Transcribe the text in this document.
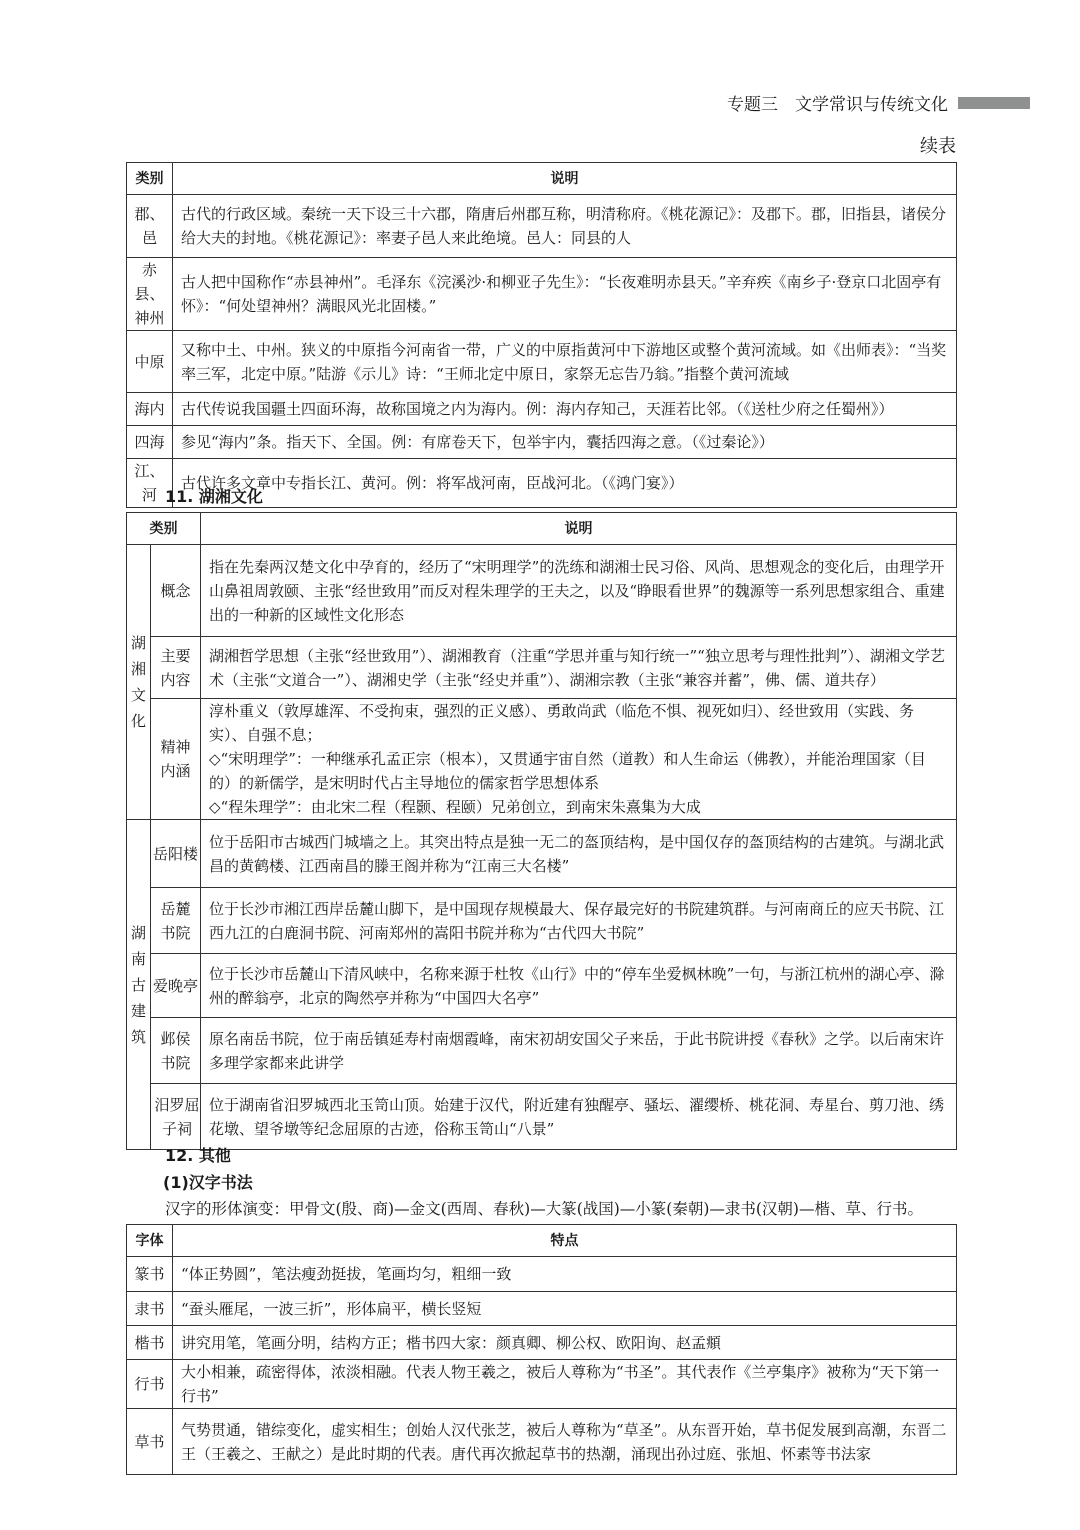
专题三　文学常识与传统文化
续表
类别	说明
郡、邑	古代的行政区域。秦统一天下设三十六郡，隋唐后州郡互称，明清称府。《桃花源记》：及郡下。郡，旧指县，诸侯分给大夫的封地。《桃花源记》：率妻子邑人来此绝境。邑人：同县的人
赤县、神州	古人把中国称作“赤县神州”。毛泽东《浣溪沙·和柳亚子先生》：“长夜难明赤县天。”辛弃疾《南乡子·登京口北固亭有怀》：“何处望神州？满眼风光北固楼。”
中原	又称中土、中州。狭义的中原指今河南省一带，广义的中原指黄河中下游地区或整个黄河流域。如《出师表》：“当奖率三军，北定中原。”陆游《示儿》诗：“王师北定中原日，家祭无忘告乃翁。”指整个黄河流域
海内	古代传说我国疆土四面环海，故称国境之内为海内。例：海内存知己，天涯若比邻。（《送杜少府之任蜀州》）
四海	参见“海内”条。指天下、全国。例：有席卷天下，包举宇内，囊括四海之意。（《过秦论》）
江、河	古代许多文章中专指长江、黄河。例：将军战河南，臣战河北。（《鸿门宴》）
11. 湖湘文化
类别		说明
湖湘文化	概念	指在先秦两汉楚文化中孕育的，经历了“宋明理学”的洗练和湖湘士民习俗、风尚、思想观念的变化后，由理学开山鼻祖周敦颐、主张“经世致用”而反对程朱理学的王夫之，以及“睁眼看世界”的魏源等一系列思想家组合、重建出的一种新的区域性文化形态
	主要内容	湖湘哲学思想（主张“经世致用”）、湖湘教育（注重“学思并重与知行统一”“独立思考与理性批判”）、湖湘文学艺术（主张“文道合一”）、湖湘史学（主张“经史并重”）、湖湘宗教（主张“兼容并蓄”，佛、儒、道共存）
	精神内涵	淳朴重义（敦厚雄浑、不受拘束，强烈的正义感）、勇敢尚武（临危不惧、视死如归）、经世致用（实践、务实）、自强不息；
◇“宋明理学”：一种继承孔孟正宗（根本），又贯通宇宙自然（道教）和人生命运（佛教），并能治理国家（目的）的新儒学，是宋明时代占主导地位的儒家哲学思想体系
◇“程朱理学”：由北宋二程（程颢、程颐）兄弟创立，到南宋朱熹集为大成

湖南古建筑	岳阳楼	位于岳阳市古城西门城墙之上。其突出特点是独一无二的盔顶结构，是中国仅存的盔顶结构的古建筑。与湖北武昌的黄鹤楼、江西南昌的滕王阁并称为“江南三大名楼”
	岳麓书院	位于长沙市湘江西岸岳麓山脚下，是中国现存规模最大、保存最完好的书院建筑群。与河南商丘的应天书院、江西九江的白鹿洞书院、河南郑州的嵩阳书院并称为“古代四大书院”
	爱晚亭	位于长沙市岳麓山下清风峡中，名称来源于杜牧《山行》中的“停车坐爱枫林晚”一句，与浙江杭州的湖心亭、滁州的醉翁亭，北京的陶然亭并称为“中国四大名亭”
	邺侯书院	原名南岳书院，位于南岳镇延寿村南烟霞峰，南宋初胡安国父子来岳，于此书院讲授《春秋》之学。以后南宋许多理学家都来此讲学
	汨罗屈子祠	位于湖南省汨罗城西北玉笥山顶。始建于汉代，附近建有独醒亭、骚坛、濯缨桥、桃花洞、寿星台、剪刀池、绣花墩、望爷墩等纪念屈原的古迹，俗称玉笥山“八景”
12. 其他
(1)汉字书法
汉字的形体演变：甲骨文(殷、商)—金文(西周、春秋)—大篆(战国)—小篆(秦朝)—隶书(汉朝)—楷、草、行书。
字体	特点
篆书	“体正势圆”，笔法瘦劲挺拔，笔画均匀，粗细一致
隶书	“蚕头雁尾，一波三折”，形体扁平，横长竖短
楷书	讲究用笔，笔画分明，结构方正；楷书四大家：颜真卿、柳公权、欧阳询、赵孟頫
行书	大小相兼，疏密得体，浓淡相融。代表人物王羲之，被后人尊称为“书圣”。其代表作《兰亭集序》被称为“天下第一行书”
草书	气势贯通，错综变化，虚实相生；创始人汉代张芝，被后人尊称为“草圣”。从东晋开始，草书促发展到高潮，东晋二王（王羲之、王献之）是此时期的代表。唐代再次掀起草书的热潮，涌现出孙过庭、张旭、怀素等书法家
